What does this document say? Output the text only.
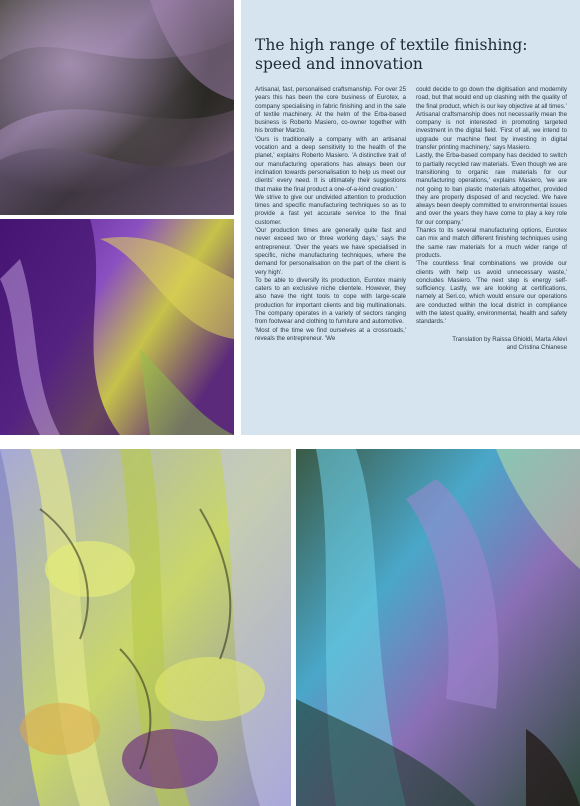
The high range of textile finishing:
speed and innovation

Artisanal, fast, personalised craftsmanship. For over 25 years this has been the core business of Eurotex, a company specialising in fabric finishing and in the sale of textile machinery. At the helm of the Erba-based business is Roberto Masiero, co-owner together with his brother Marzio.

'Ours is traditionally a company with an artisanal vocation and a deep sensitivity to the health of the planet,' explains Roberto Masiero. 'A distinctive trait of our manufacturing operations has always been our inclination towards personalisation to help us meet our clients' every need. It is ultimately their suggestions that make the final product a one-of-a-kind creation.'

We strive to give our undivided attention to production times and specific manufacturing techniques so as to provide a fast yet accurate service to the final customer.

'Our production times are generally quite fast and never exceed two or three working days,' says the entrepreneur. 'Over the years we have specialised in specific, niche manufacturing techniques, where the demand for personalisation on the part of the client is very high'.

To be able to diversify its production, Eurotex mainly caters to an exclusive niche clientele. However, they also have the right tools to cope with large-scale production for important clients and big multinationals. The company operates in a variety of sectors ranging from footwear and clothing to furniture and automotive.

'Most of the time we find ourselves at a crossroads,' reveals the entrepreneur. 'We

could decide to go down the digitisation and modernity road, but that would end up clashing with the quality of the final product, which is our key objective at all times.'

Artisanal craftsmanship does not necessarily mean the company is not interested in promoting targeted investment in the digital field. 'First of all, we intend to upgrade our machine fleet by investing in digital transfer printing machinery,' says Masiero.

Lastly, the Erba-based company has decided to switch to partially recycled raw materials. 'Even though we are transitioning to organic raw materials for our manufacturing operations,' explains Masiero, 'we are not going to ban plastic materials altogether, provided they are properly disposed of and recycled. We have always been deeply committed to environmental issues and over the years they have come to play a key role for our company.'

Thanks to its several manufacturing options, Eurotex can mix and match different finishing techniques using the same raw materials for a much wider range of products.

'The countless final combinations we provide our clients with help us avoid unnecessary waste,' concludes Masiero. 'The next step is energy self-sufficiency. Lastly, we are looking at certifications, namely at Seri.co, which would ensure our operations are conducted within the local district in compliance with the latest quality, environmental, health and safety standards.'

Translation by Raissa Ghioldi, Marta Allevi
and Cristina Chianese
